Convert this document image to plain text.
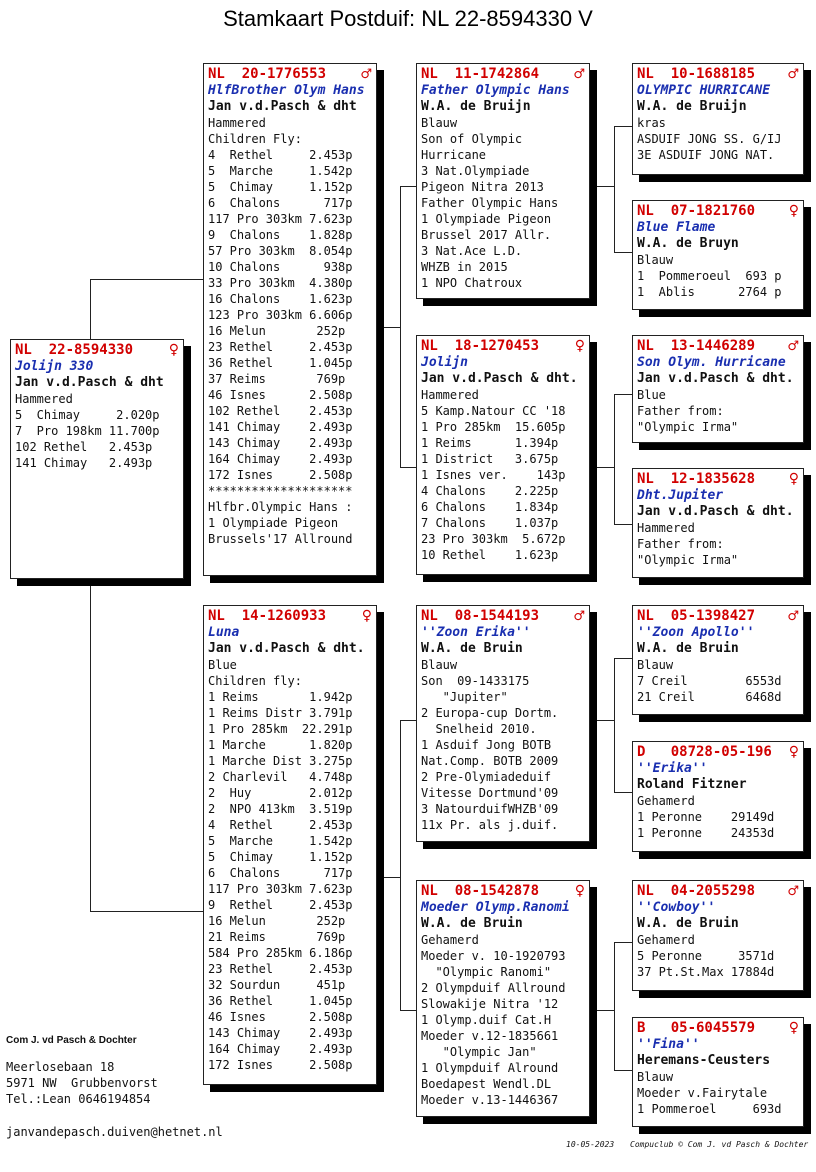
Stamkaart Postduif: NL 22-8594330 V
NL  22-8594330	♀
Jolijn 330
Jan v.d.Pasch & dht
Hammered
5  Chimay     2.020p
7  Pro 198km 11.700p
102 Rethel   2.453p
141 Chimay   2.493p
NL  20-1776553	♂
HlfBrother Olym Hans
Jan v.d.Pasch & dht
Hammered
Children Fly:
4  Rethel     2.453p
5  Marche     1.542p
5  Chimay     1.152p
6  Chalons      717p
117 Pro 303km 7.623p
9  Chalons    1.828p
57 Pro 303km  8.054p
10 Chalons      938p
33 Pro 303km  4.380p
16 Chalons    1.623p
123 Pro 303km 6.606p
16 Melun       252p
23 Rethel     2.453p
36 Rethel     1.045p
37 Reims       769p
46 Isnes      2.508p
102 Rethel    2.453p
141 Chimay    2.493p
143 Chimay    2.493p
164 Chimay    2.493p
172 Isnes     2.508p
********************
Hlfbr.Olympic Hans :
1 Olympiade Pigeon
Brussels'17 Allround
NL  14-1260933	♀
Luna
Jan v.d.Pasch & dht.
Blue
Children fly:
1 Reims       1.942p
1 Reims Distr 3.791p
1 Pro 285km  22.291p
1 Marche      1.820p
1 Marche Dist 3.275p
2 Charlevil   4.748p
2  Huy        2.012p
2  NPO 413km  3.519p
4  Rethel     2.453p
5  Marche     1.542p
5  Chimay     1.152p
6  Chalons      717p
117 Pro 303km 7.623p
9  Rethel     2.453p
16 Melun       252p
21 Reims       769p
584 Pro 285km 6.186p
23 Rethel     2.453p
32 Sourdun     451p
36 Rethel     1.045p
46 Isnes      2.508p
143 Chimay    2.493p
164 Chimay    2.493p
172 Isnes     2.508p
NL  11-1742864	♂
Father Olympic Hans
W.A. de Bruijn
Blauw
Son of Olympic
Hurricane
3 Nat.Olympiade
Pigeon Nitra 2013
Father Olympic Hans
1 Olympiade Pigeon
Brussel 2017 Allr.
3 Nat.Ace L.D.
WHZB in 2015
1 NPO Chatroux
NL  18-1270453	♀
Jolijn
Jan v.d.Pasch & dht.
Hammered
5 Kamp.Natour CC '18
1 Pro 285km  15.605p
1 Reims      1.394p
1 District   3.675p
1 Isnes ver.    143p
4 Chalons    2.225p
6 Chalons    1.834p
7 Chalons    1.037p
23 Pro 303km  5.672p
10 Rethel    1.623p
NL  08-1544193	♂
''Zoon Erika''
W.A. de Bruin
Blauw
Son  09-1433175
"Jupiter"
2 Europa-cup Dortm.
Snelheid 2010.
1 Asduif Jong BOTB
Nat.Comp. BOTB 2009
2 Pre-Olymiadeduif
Vitesse Dortmund'09
3 NatourduifWHZB'09
11x Pr. als j.duif.
NL  08-1542878	♀
Moeder Olymp.Ranomi
W.A. de Bruin
Gehamerd
Moeder v. 10-1920793
"Olympic Ranomi"
2 Olympduif Allround
Slowakije Nitra '12
1 Olymp.duif Cat.H
Moeder v.12-1835661
"Olympic Jan"
1 Olympduif Alround
Boedapest Wendl.DL
Moeder v.13-1446367
NL  10-1688185 ♂
OLYMPIC HURRICANE
W.A. de Bruijn
kras
ASDUIF JONG SS. G/IJ
3E ASDUIF JONG NAT.
NL  07-1821760 ♀
Blue Flame
W.A. de Bruyn
Blauw
1  Pommeroeul  693 p
1  Ablis      2764 p
NL  13-1446289 ♂
Son Olym. Hurricane
Jan v.d.Pasch & dht.
Blue
Father from:
"Olympic Irma"
NL  12-1835628 ♀
Dht.Jupiter
Jan v.d.Pasch & dht.
Hammered
Father from:
"Olympic Irma"
NL  05-1398427 ♂
''Zoon Apollo''
W.A. de Bruin
Blauw
7 Creil        6553d
21 Creil       6468d
D   08728-05-196 ♀
''Erika''
Roland Fitzner
Gehamerd
1 Peronne    29149d
1 Peronne    24353d
NL  04-2055298 ♂
''Cowboy''
W.A. de Bruin
Gehamerd
5 Peronne     3571d
37 Pt.St.Max 17884d
B   05-6045579 ♀
''Fina''
Heremans-Ceusters
Blauw
Moeder v.Fairytale
1 Pommeroel     693d
Com J. vd Pasch & Dochter
Meerlosebaan 18
5971 NW  Grubbenvorst
Tel.:Lean 0646194854
janvandepasch.duiven@hetnet.nl
10-05-2023 Compuclub © Com J. vd Pasch & Dochter
